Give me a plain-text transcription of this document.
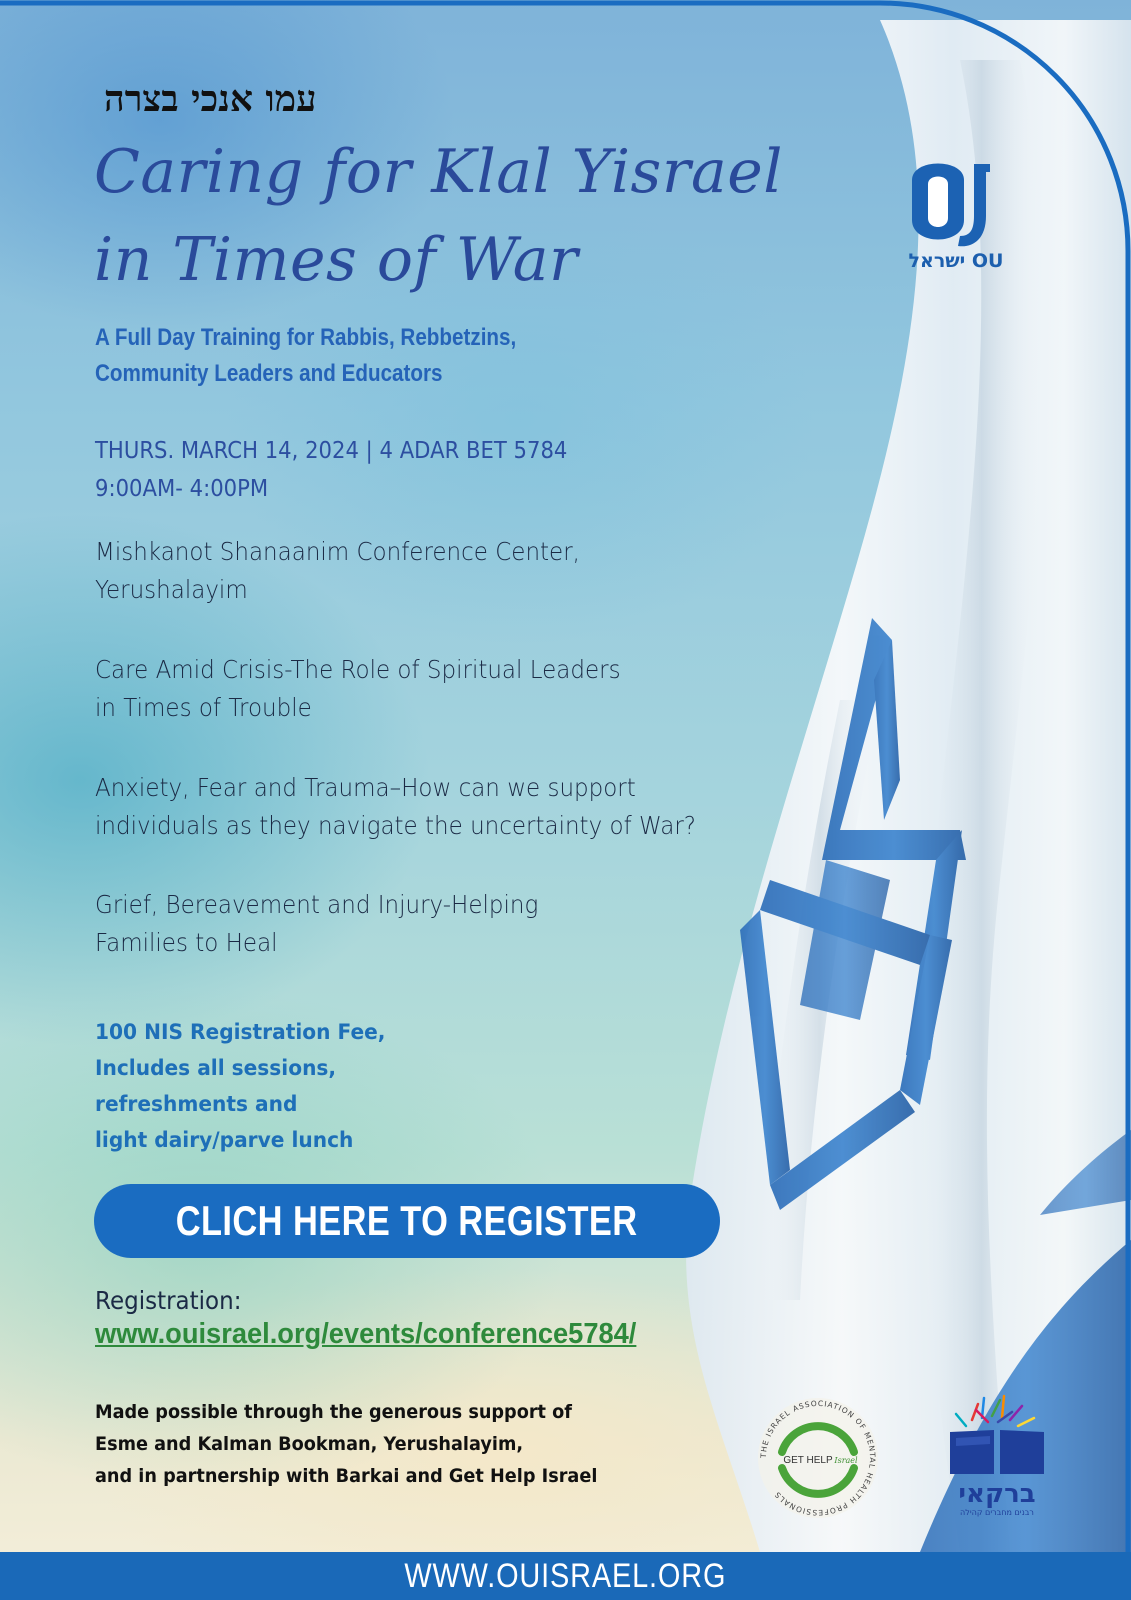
עמו אנכי בצרה
Caring for Klal Yisrael
in Times of War

A Full Day Training for Rabbis, Rebbetzins,
Community Leaders and Educators

THURS. MARCH 14, 2024 | 4 ADAR BET 5784
9:00AM- 4:00PM
Mishkanot Shanaanim Conference Center,
Yerushalayim
Care Amid Crisis-The Role of Spiritual Leaders
in Times of Trouble
Anxiety, Fear and Trauma–How can we support
individuals as they navigate the uncertainty of War?
Grief, Bereavement and Injury-Helping
Families to Heal
100 NIS Registration Fee,
Includes all sessions,
refreshments and
light dairy/parve lunch
CLICH HERE TO REGISTER
Registration:
www.ouisrael.org/events/conference5784/
Made possible through the generous support of
Esme and Kalman Bookman, Yerushalayim,
and in partnership with Barkai and Get Help Israel
ישראל OU
THE ISRAEL ASSOCIATION OF MENTAL HEALTH PROFESSIONALS
GET HELP Israel
ברקאי
רבנים מחברים קהילה
WWW.OUISRAEL.ORG
